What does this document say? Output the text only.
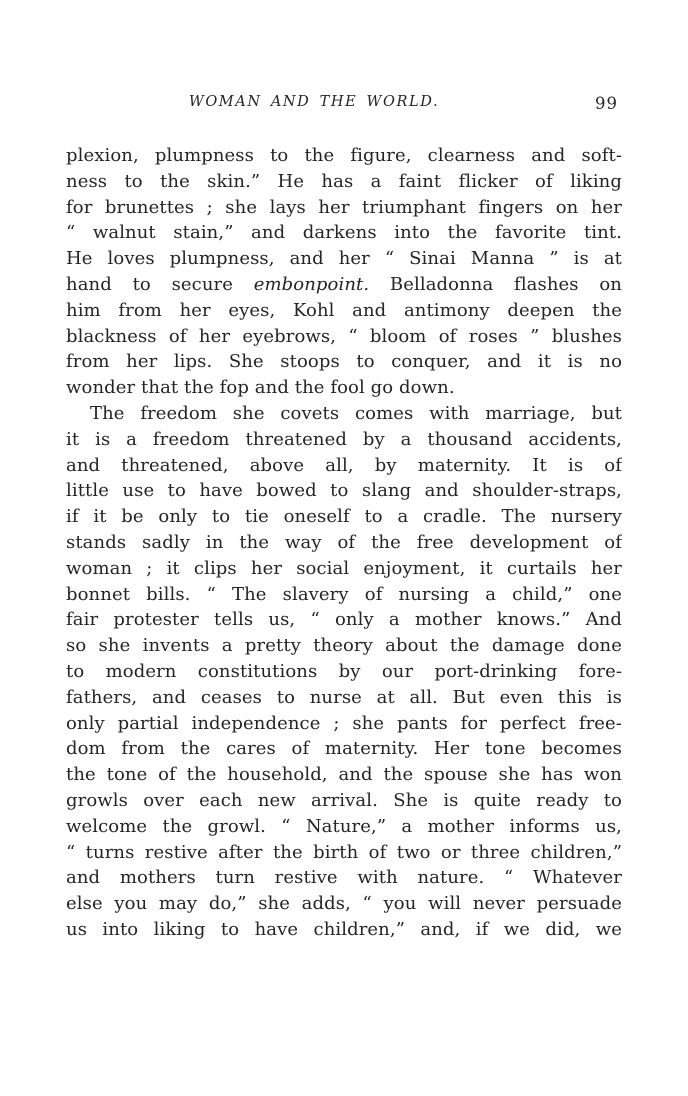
WOMAN AND THE WORLD.	99
plexion, plumpness to the figure, clearness and soft-
ness to the skin.” He has a faint flicker of liking
for brunettes ; she lays her triumphant fingers on her
“ walnut stain,” and darkens into the favorite tint.
He loves plumpness, and her “ Sinai Manna ” is at
hand to secure embonpoint. Belladonna flashes on
him from her eyes, Kohl and antimony deepen the
blackness of her eyebrows, “ bloom of roses ” blushes
from her lips. She stoops to conquer, and it is no
wonder that the fop and the fool go down.
The freedom she covets comes with marriage, but
it is a freedom threatened by a thousand accidents,
and threatened, above all, by maternity. It is of
little use to have bowed to slang and shoulder-straps,
if it be only to tie oneself to a cradle. The nursery
stands sadly in the way of the free development of
woman ; it clips her social enjoyment, it curtails her
bonnet bills. “ The slavery of nursing a child,” one
fair protester tells us, “ only a mother knows.” And
so she invents a pretty theory about the damage done
to modern constitutions by our port-drinking fore-
fathers, and ceases to nurse at all. But even this is
only partial independence ; she pants for perfect free-
dom from the cares of maternity. Her tone becomes
the tone of the household, and the spouse she has won
growls over each new arrival. She is quite ready to
welcome the growl. “ Nature,” a mother informs us,
“ turns restive after the birth of two or three children,”
and mothers turn restive with nature. “ Whatever
else you may do,” she adds, “ you will never persuade
us into liking to have children,” and, if we did, we
